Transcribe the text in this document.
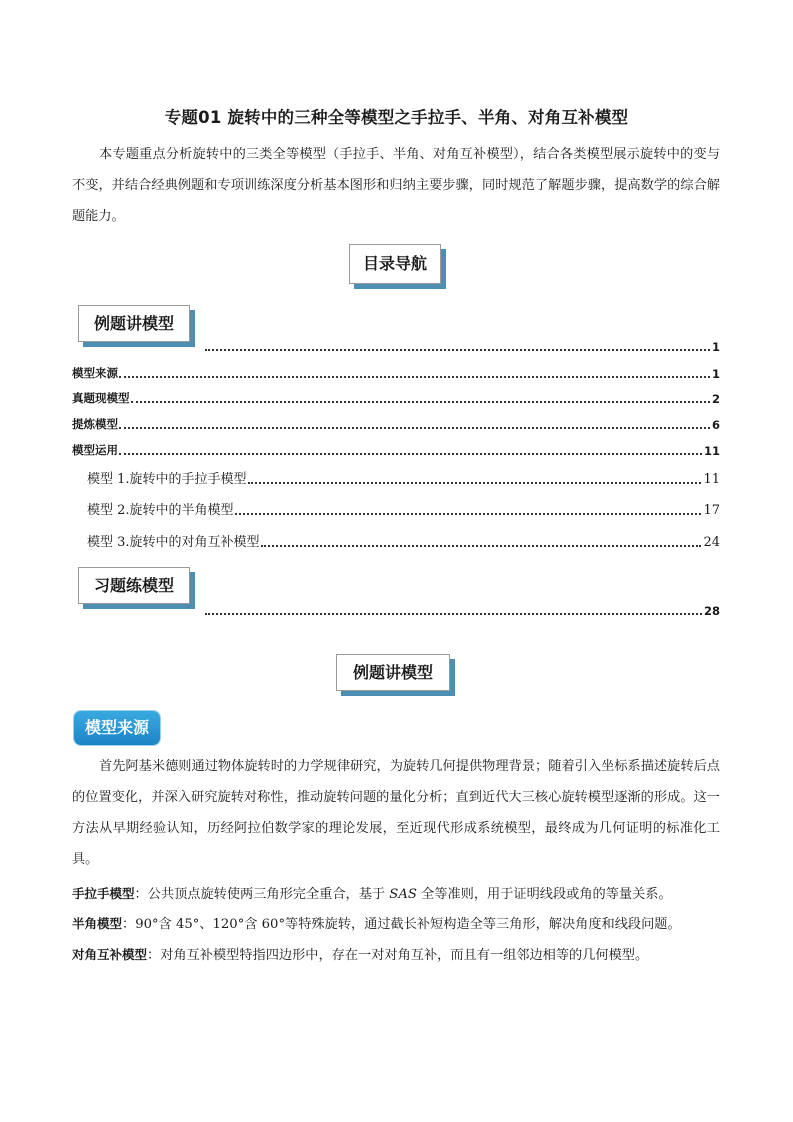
专题01 旋转中的三种全等模型之手拉手、半角、对角互补模型
本专题重点分析旋转中的三类全等模型（手拉手、半角、对角互补模型），结合各类模型展示旋转中的变与不变，并结合经典例题和专项训练深度分析基本图形和归纳主要步骤，同时规范了解题步骤，提高数学的综合解题能力。
目录导航
例题讲模型
1
模型来源	1
真题现模型	2
提炼模型	6
模型运用	11
模型 1.旋转中的手拉手模型	11
模型 2.旋转中的半角模型	17
模型 3.旋转中的对角互补模型	24
习题练模型
28
例题讲模型
模型来源
首先阿基米德则通过物体旋转时的力学规律研究，为旋转几何提供物理背景；随着引入坐标系描述旋转后点的位置变化，并深入研究旋转对称性，推动旋转问题的量化分析；直到近代大三核心旋转模型逐渐的形成。这一方法从早期经验认知，历经阿拉伯数学家的理论发展，至近现代形成系统模型，最终成为几何证明的标准化工具。
手拉手模型：公共顶点旋转使两三角形完全重合，基于 SAS 全等准则，用于证明线段或角的等量关系。
半角模型：90°含 45°、120°含 60°等特殊旋转，通过截长补短构造全等三角形，解决角度和线段问题。
对角互补模型：对角互补模型特指四边形中，存在一对对角互补，而且有一组邻边相等的几何模型。
